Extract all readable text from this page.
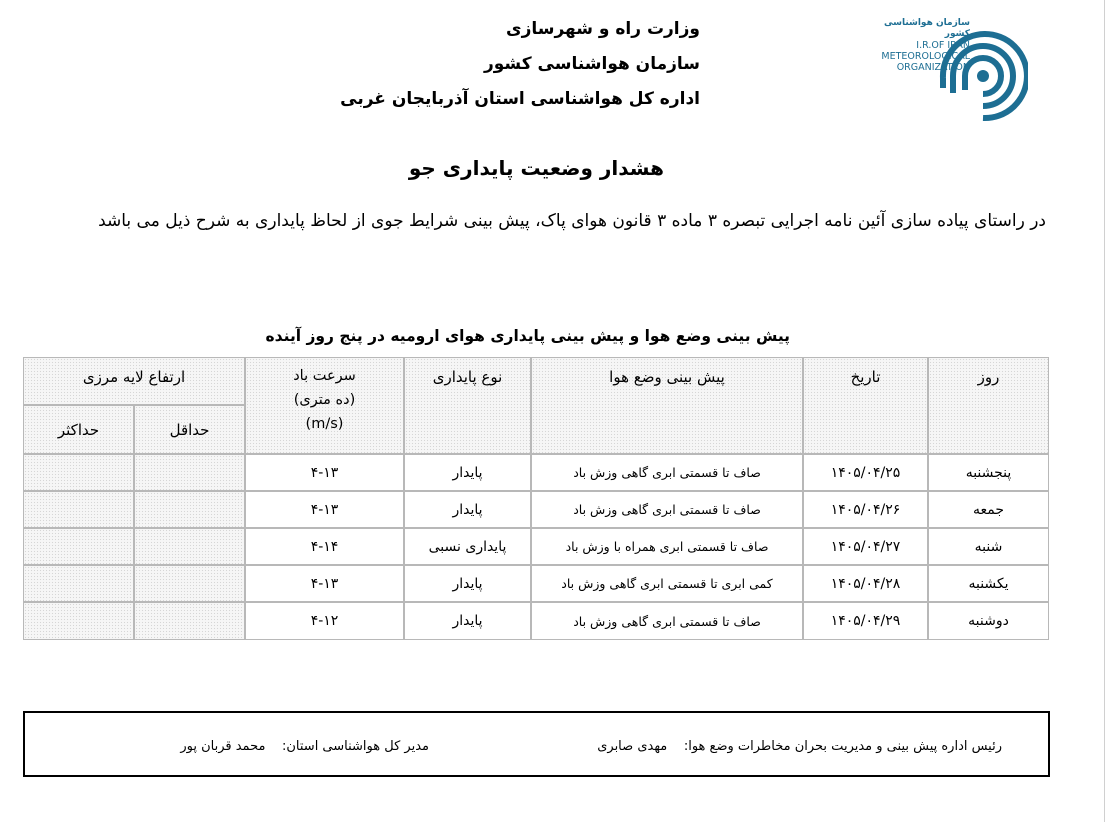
وزارت راه و شهرسازی
سازمان هواشناسی کشور
اداره کل هواشناسی استان آذربایجان غربی
سازمان هواشناسی کشور
I.R.OF IRAN
METEOROLOGICAL
ORGANIZATION
هشدار وضعیت پایداری جو
در راستای پیاده سازی آئین نامه اجرایی تبصره ۳ ماده ۳ قانون هوای پاک، پیش بینی شرایط جوی از لحاظ پایداری به شرح ذیل می باشد
پیش بینی وضع هوا و پیش بینی پایداری هوای ارومیه در پنج روز آینده
روز
تاریخ
پیش بینی وضع هوا
نوع پایداری
سرعت باد
(ده متری)
(m/s)
ارتفاع لایه مرزی
حداقل
حداکثر
پنجشنبه
۱۴۰۵/۰۴/۲۵
صاف تا قسمتی ابری گاهی وزش باد
پایدار
۴-۱۳
جمعه
۱۴۰۵/۰۴/۲۶
صاف تا قسمتی ابری گاهی وزش باد
پایدار
۴-۱۳
شنبه
۱۴۰۵/۰۴/۲۷
صاف تا قسمتی ابری همراه با وزش باد
پایداری نسبی
۴-۱۴
یکشنبه
۱۴۰۵/۰۴/۲۸
کمی ابری تا قسمتی ابری گاهی وزش باد
پایدار
۴-۱۳
دوشنبه
۱۴۰۵/۰۴/۲۹
صاف تا قسمتی ابری گاهی وزش باد
پایدار
۴-۱۲
رئیس اداره پیش بینی و مدیریت بحران مخاطرات وضع هوا:    مهدی صابری
مدیر کل هواشناسی استان:    محمد قربان پور
